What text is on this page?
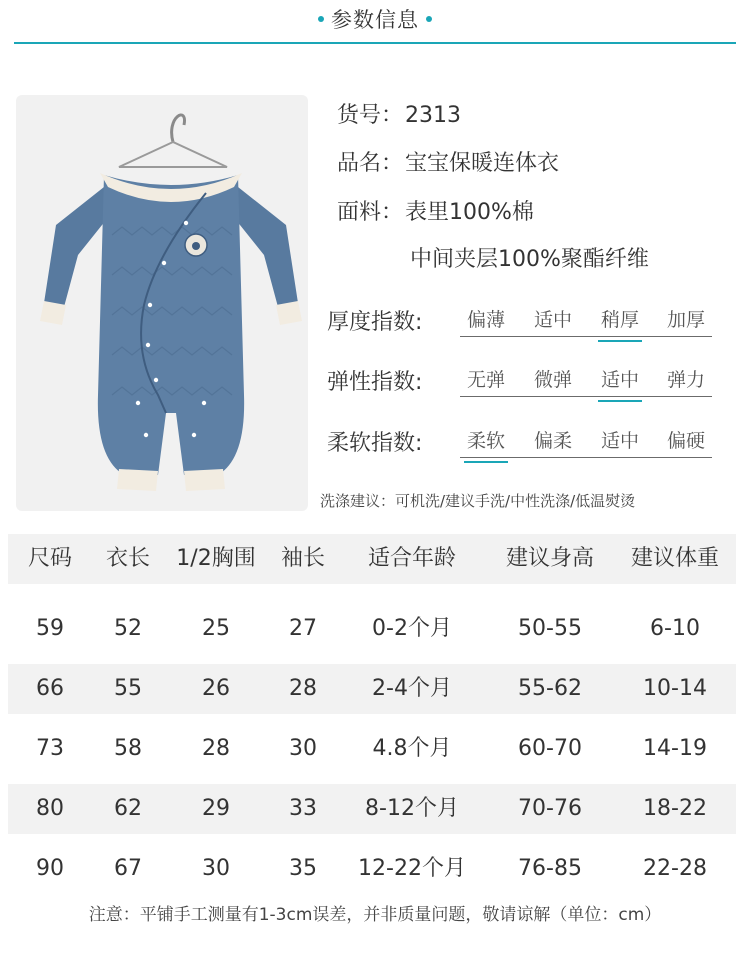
参数信息
货号：2313
品名：宝宝保暖连体衣
面料：表里100%棉
中间夹层100%聚酯纤维
厚度指数:	偏薄	适中	稍厚	加厚
弹性指数:	无弹	微弹	适中	弹力
柔软指数:	柔软	偏柔	适中	偏硬
洗涤建议：可机洗/建议手洗/中性洗涤/低温熨烫
尺码	衣长	1/2胸围	袖长	适合年龄	建议身高	建议体重
59	52	25	27	0-2个月	50-55	6-10
66	55	26	28	2-4个月	55-62	10-14
73	58	28	30	4.8个月	60-70	14-19
80	62	29	33	8-12个月	70-76	18-22
90	67	30	35	12-22个月	76-85	22-28
注意：平铺手工测量有1-3cm误差，并非质量问题，敬请谅解（单位：cm）
